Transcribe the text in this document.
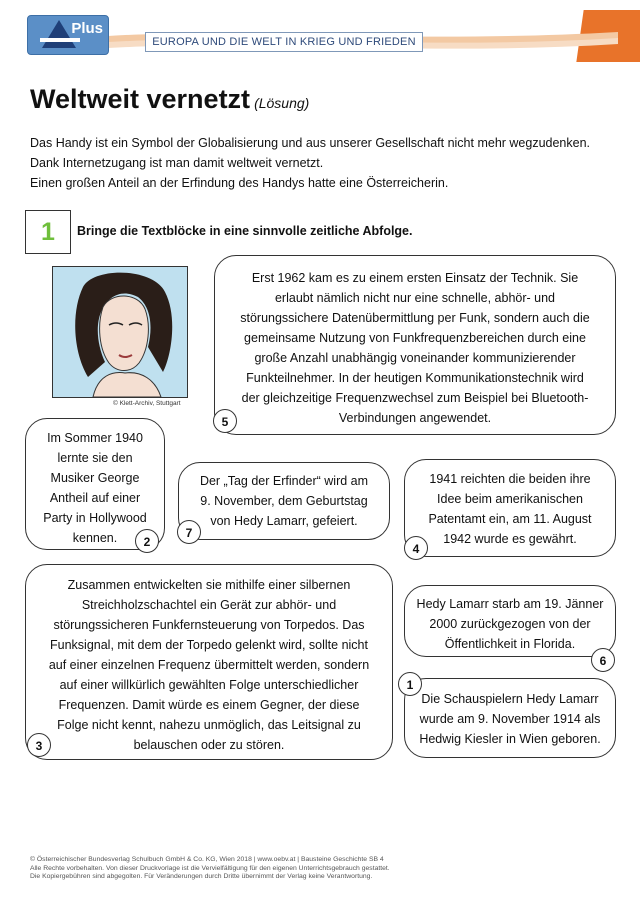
Plus
EUROPA UND DIE WELT IN KRIEG UND FRIEDEN
Weltweit vernetzt (Lösung)
Das Handy ist ein Symbol der Globalisierung und aus unserer Gesellschaft nicht mehr wegzudenken.
Dank Internetzugang ist man damit weltweit vernetzt.
Einen großen Anteil an der Erfindung des Handys hatte eine Österreicherin.
1	Bringe die Textblöcke in eine sinnvolle zeitliche Abfolge.
© Klett-Archiv, Stuttgart
Erst 1962 kam es zu einem ersten Einsatz der Technik. Sie
erlaubt nämlich nicht nur eine schnelle, abhör- und
störungssichere Datenübermittlung per Funk, sondern auch die
gemeinsame Nutzung von Funkfrequenzbereichen durch eine
große Anzahl unabhängig voneinander kommunizierender
Funkteilnehmer. In der heutigen Kommunikationstechnik wird
der gleichzeitige Frequenzwechsel zum Beispiel bei Bluetooth-
Verbindungen angewendet.
5
Im Sommer 1940
lernte sie den
Musiker George
Antheil auf einer
Party in Hollywood
kennen.	2
Der „Tag der Erfinder“ wird am
9. November, dem Geburtstag
von Hedy Lamarr, gefeiert.
7
1941 reichten die beiden ihre
Idee beim amerikanischen
Patentamt ein, am 11. August
1942 wurde es gewährt.
4
Zusammen entwickelten sie mithilfe einer silbernen
Streichholzschachtel ein Gerät zur abhör- und
störungssicheren Funkfernsteuerung von Torpedos. Das
Funksignal, mit dem der Torpedo gelenkt wird, sollte nicht
auf einer einzelnen Frequenz übermittelt werden, sondern
auf einer willkürlich gewählten Folge unterschiedlicher
Frequenzen. Damit würde es einem Gegner, der diese
Folge nicht kennt, nahezu unmöglich, das Leitsignal zu
belauschen oder zu stören.
3
Hedy Lamarr starb am 19. Jänner
2000 zurückgezogen von der
Öffentlichkeit in Florida.
6
Die Schauspielern Hedy Lamarr
wurde am 9. November 1914 als
Hedwig Kiesler in Wien geboren.
1
© Österreichischer Bundesverlag Schulbuch GmbH & Co. KG, Wien 2018 | www.oebv.at | Bausteine Geschichte SB 4
Alle Rechte vorbehalten. Von dieser Druckvorlage ist die Vervielfältigung für den eigenen Unterrichtsgebrauch gestattet.
Die Kopiergebühren sind abgegolten. Für Veränderungen durch Dritte übernimmt der Verlag keine Verantwortung.
